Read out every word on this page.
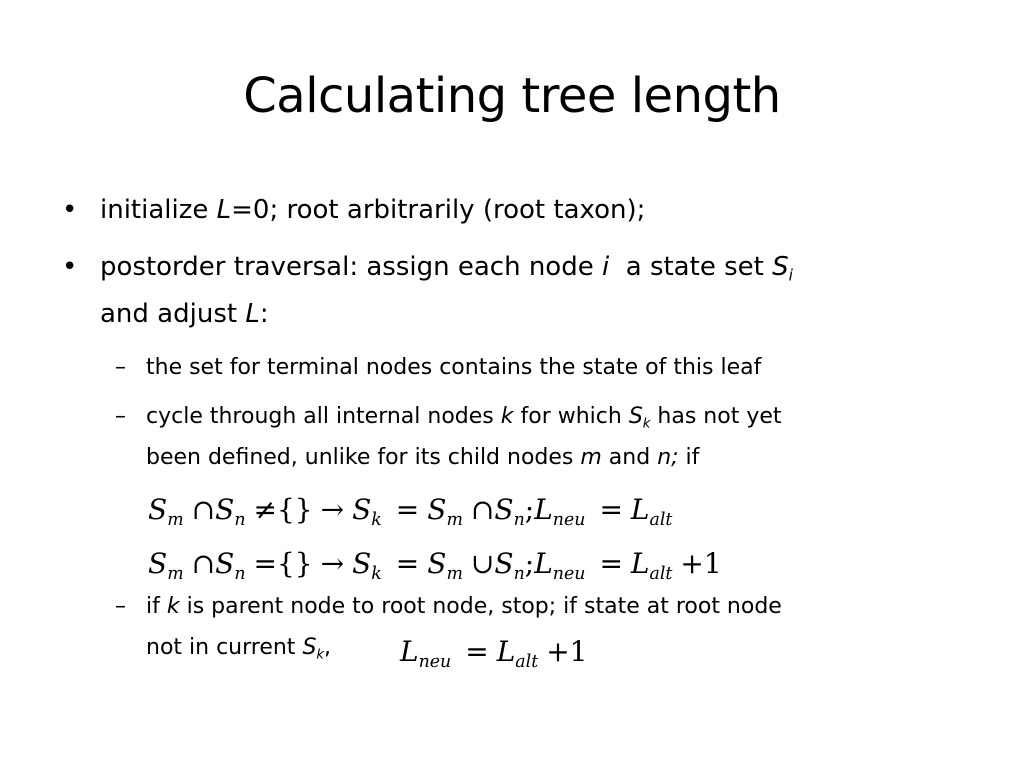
Calculating tree length
• initialize L=0; root arbitrarily (root taxon);
• postorder traversal: assign each node i  a state set $S_i$
and adjust L:
– the set for terminal nodes contains the state of this leaf
– cycle through all internal nodes k for which $S_k$ has not yet
been defined, unlike for its child nodes m and n; if
$S_m$ $\cap S_n$ ≠{} → $S_k = S_m$ $\cap S_n;L_{neu} = L_{alt}$
$S_m$ $\cap S_n$ ={} → $S_k = S_m$ $\cup S_n;L_{neu} = L_{alt} +1$
– if k is parent node to root node, stop; if state at root node
not in current $S_k$, $L_{neu} = L_{alt} +1$
